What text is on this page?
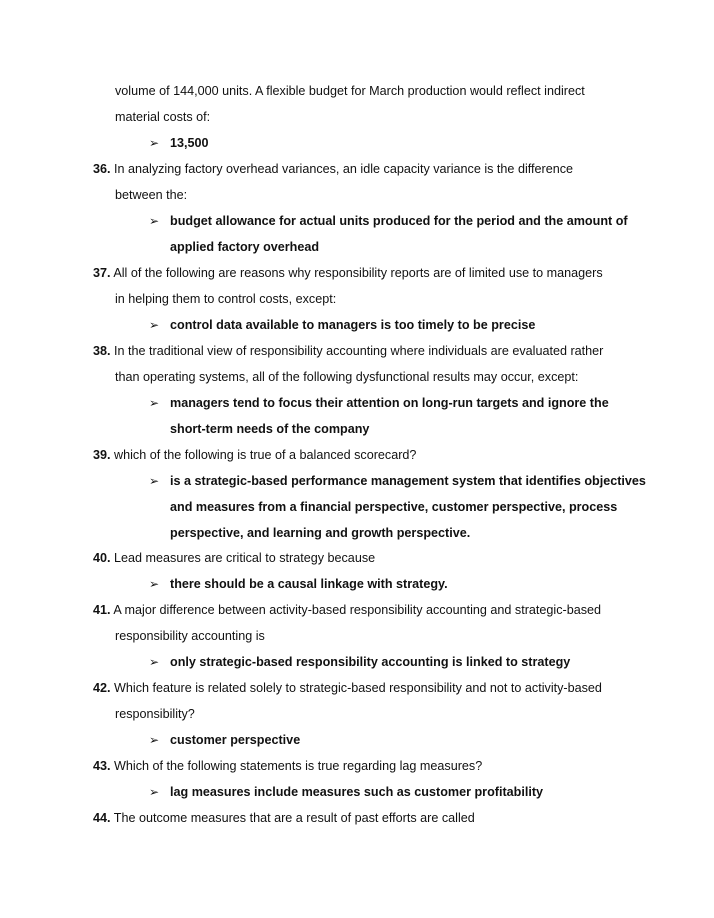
volume of 144,000 units. A flexible budget for March production would reflect indirect
material costs of:
➢ 13,500
36. In analyzing factory overhead variances, an idle capacity variance is the difference
between the:
➢ budget allowance for actual units produced for the period and the amount of
applied factory overhead
37. All of the following are reasons why responsibility reports are of limited use to managers
in helping them to control costs, except:
➢ control data available to managers is too timely to be precise
38. In the traditional view of responsibility accounting where individuals are evaluated rather
than operating systems, all of the following dysfunctional results may occur, except:
➢ managers tend to focus their attention on long-run targets and ignore the
short-term needs of the company
39. which of the following is true of a balanced scorecard?
➢ is a strategic-based performance management system that identifies objectives
and measures from a financial perspective, customer perspective, process
perspective, and learning and growth perspective.
40. Lead measures are critical to strategy because
➢ there should be a causal linkage with strategy.
41. A major difference between activity-based responsibility accounting and strategic-based
responsibility accounting is
➢ only strategic-based responsibility accounting is linked to strategy
42. Which feature is related solely to strategic-based responsibility and not to activity-based
responsibility?
➢ customer perspective
43. Which of the following statements is true regarding lag measures?
➢ lag measures include measures such as customer profitability
44. The outcome measures that are a result of past efforts are called
